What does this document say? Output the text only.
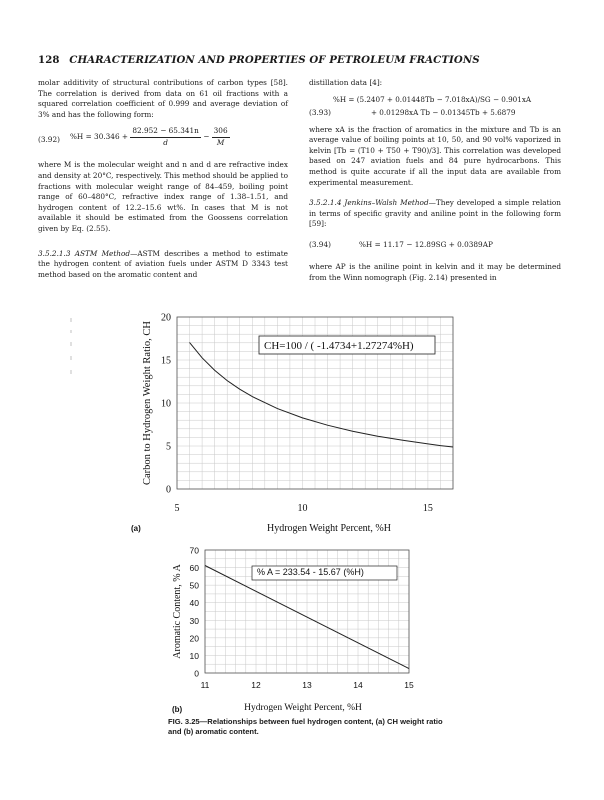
128 CHARACTERIZATION AND PROPERTIES OF PETROLEUM FRACTIONS

molar additivity of structural contributions of carbon types [58]. The correlation is derived from data on 61 oil fractions with a squared correlation coefficient of 0.999 and average deviation of 3% and has the following form:

(3.92) $\%H = 30.346 + \frac{82.952 - 65.341n}{d} - \frac{306}{M}$

where M is the molecular weight and n and d are refractive index and density at 20°C, respectively. This method should be applied to fractions with molecular weight range of 84–459, boiling point range of 60–480°C, refractive index range of 1.38–1.51, and hydrogen content of 12.2–15.6 wt%. In cases that M is not available it should be estimated from the Goossens correlation given by Eq. (2.55).

3.5.2.1.3 ASTM Method—ASTM describes a method to estimate the hydrogen content of aviation fuels under ASTM D 3343 test method based on the aromatic content and

distillation data [4]:

%H = (5.2407 + 0.01448Tb − 7.018xA)/SG − 0.901xA
(3.93)	+ 0.01298xA Tb − 0.01345Tb + 5.6879

where xA is the fraction of aromatics in the mixture and Tb is an average value of boiling points at 10, 50, and 90 vol% vaporized in kelvin [Tb = (T10 + T50 + T90)/3]. This correlation was developed based on 247 aviation fuels and 84 pure hydrocarbons. This method is quite accurate if all the input data are available from experimental measurement.

3.5.2.1.4 Jenkins–Walsh Method—They developed a simple relation in terms of specific gravity and aniline point in the following form [59]:

(3.94)	%H = 11.17 − 12.89SG + 0.0389AP

where AP is the aniline point in kelvin and it may be determined from the Winn nomograph (Fig. 2.14) presented in

5	10	15
0
5
10
15
20
CH=100 / ( -1.4734+1.27274%H)
Hydrogen Weight Percent, %H
Carbon to Hydrogen Weight Ratio, CH
(a)
11	12	13	14	15
0
10
20
30
40
50
60
70
% A = 233.54 - 15.67 (%H)
Hydrogen Weight Percent, %H
Aromatic Content, % A
(b)
FIG. 3.25—Relationships between fuel hydrogen content, (a) CH weight ratio and (b) aromatic content.
